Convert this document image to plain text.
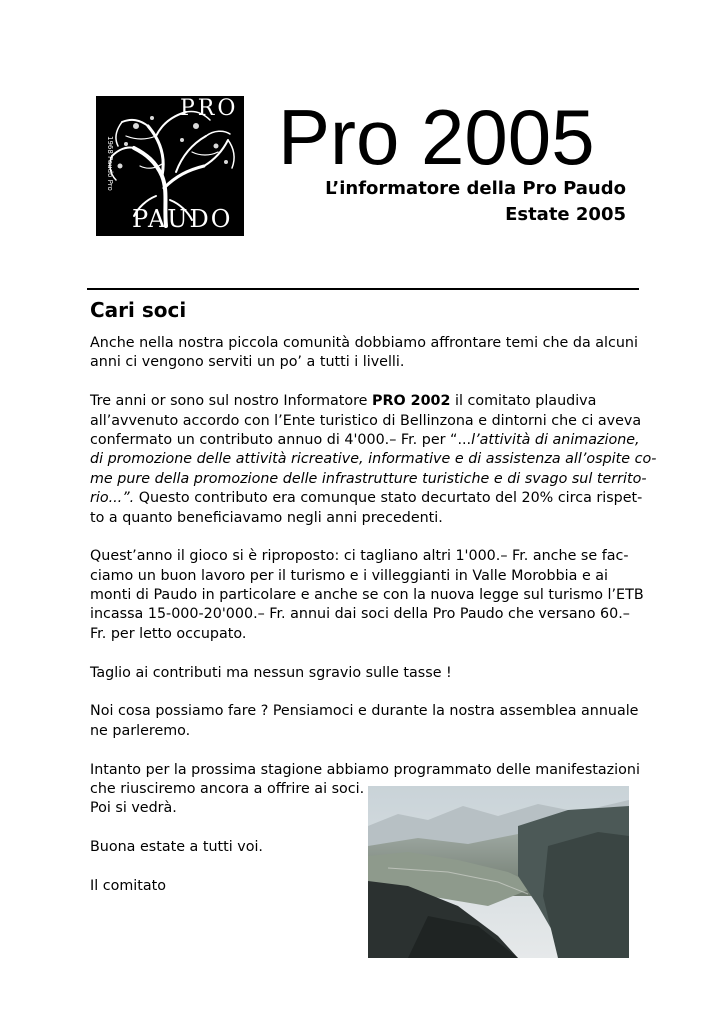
PRO
PAUDO
1968 Paudo Pro Pro 2005
L’informatore della Pro Paudo
Estate 2005
Cari soci
Anche nella nostra piccola comunità dobbiamo affrontare temi che da alcuni
anni ci vengono serviti un po’ a tutti i livelli.
Tre anni or sono sul nostro Informatore PRO 2002 il comitato plaudiva
all’avvenuto accordo con l’Ente turistico di Bellinzona e dintorni che ci aveva
confermato un contributo annuo di 4'000.– Fr. per “...l’attività di animazione,
di promozione delle attività ricreative, informative e di assistenza all’ospite co-
me pure della promozione delle infrastrutture turistiche e di svago sul territo-
rio...”. Questo contributo era comunque stato decurtato del 20% circa rispet-
to a quanto beneficiavamo negli anni precedenti.
Quest’anno il gioco si è riproposto: ci tagliano altri 1'000.– Fr. anche se fac-
ciamo un buon lavoro per il turismo e i villeggianti in Valle Morobbia e ai
monti di Paudo in particolare e anche se con la nuova legge sul turismo l’ETB
incassa 15-000-20'000.– Fr. annui dai soci della Pro Paudo che versano 60.–
Fr. per letto occupato.
Taglio ai contributi ma nessun sgravio sulle tasse !
Noi cosa possiamo fare ? Pensiamoci e durante la nostra assemblea annuale
ne parleremo.
Intanto per la prossima stagione abbiamo programmato delle manifestazioni
che riusciremo ancora a offrire ai soci.
Poi si vedrà.
Buona estate a tutti voi.
Il comitato
